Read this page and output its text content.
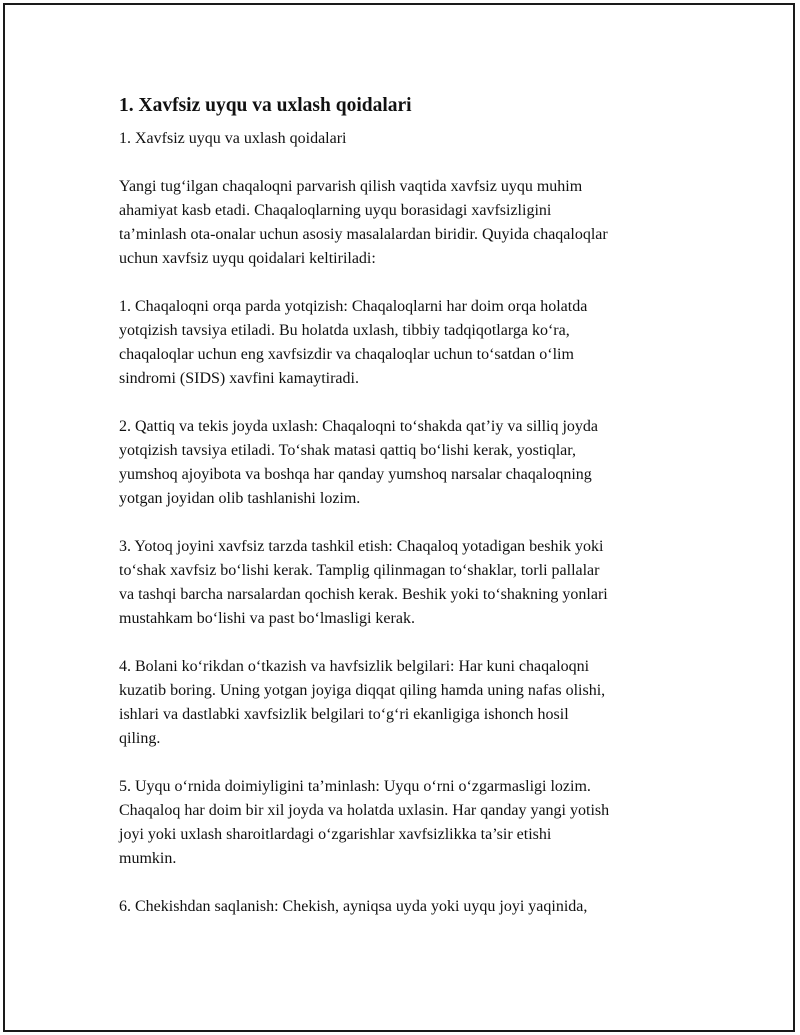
1. Xavfsiz uyqu va uxlash qoidalari
1. Xavfsiz uyqu va uxlash qoidalari
Yangi tug‘ilgan chaqaloqni parvarish qilish vaqtida xavfsiz uyqu muhim
ahamiyat kasb etadi. Chaqaloqlarning uyqu borasidagi xavfsizligini
ta’minlash ota-onalar uchun asosiy masalalardan biridir. Quyida chaqaloqlar
uchun xavfsiz uyqu qoidalari keltiriladi:
1. Chaqaloqni orqa parda yotqizish: Chaqaloqlarni har doim orqa holatda
yotqizish tavsiya etiladi. Bu holatda uxlash, tibbiy tadqiqotlarga ko‘ra,
chaqaloqlar uchun eng xavfsizdir va chaqaloqlar uchun to‘satdan o‘lim
sindromi (SIDS) xavfini kamaytiradi.
2. Qattiq va tekis joyda uxlash: Chaqaloqni to‘shakda qat’iy va silliq joyda
yotqizish tavsiya etiladi. To‘shak matasi qattiq bo‘lishi kerak, yostiqlar,
yumshoq ajoyibota va boshqa har qanday yumshoq narsalar chaqaloqning
yotgan joyidan olib tashlanishi lozim.
3. Yotoq joyini xavfsiz tarzda tashkil etish: Chaqaloq yotadigan beshik yoki
to‘shak xavfsiz bo‘lishi kerak. Tamplig qilinmagan to‘shaklar, torli pallalar
va tashqi barcha narsalardan qochish kerak. Beshik yoki to‘shakning yonlari
mustahkam bo‘lishi va past bo‘lmasligi kerak.
4. Bolani ko‘rikdan o‘tkazish va havfsizlik belgilari: Har kuni chaqaloqni
kuzatib boring. Uning yotgan joyiga diqqat qiling hamda uning nafas olishi,
ishlari va dastlabki xavfsizlik belgilari to‘g‘ri ekanligiga ishonch hosil
qiling.
5. Uyqu o‘rnida doimiyligini ta’minlash: Uyqu o‘rni o‘zgarmasligi lozim.
Chaqaloq har doim bir xil joyda va holatda uxlasin. Har qanday yangi yotish
joyi yoki uxlash sharoitlardagi o‘zgarishlar xavfsizlikka ta’sir etishi
mumkin.
6. Chekishdan saqlanish: Chekish, ayniqsa uyda yoki uyqu joyi yaqinida,
